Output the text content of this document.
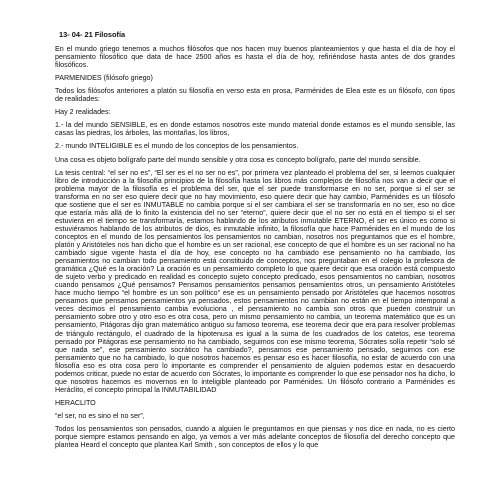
13- 04- 21 Filosofía

En el mundo griego tenemos a muchos filósofos que nos hacen muy buenos planteamientos y que hasta el día de hoy el pensamiento filosófico que data de hace 2500 años es hasta el día de hoy, refiriéndose hasta antes de dos grandes filosóficos.

PARMENIDES (filósofo griego)

Todos los filósofos anteriores a platón su filosofía en verso esta en prosa, Parménides de Elea este es un filósofo, con tipos de realidades:

Hay 2 realidades:

1.- la del mundo SENSIBLE, es en donde estamos nosotros este mundo material donde estamos es el mundo sensible, las casas las piedras, los árboles, las montañas, los libros,

2.- mundo INTELIGIBLE es el mundo de los conceptos de los pensamientos.

Una cosa es objeto bolígrafo parte del mundo sensible y otra cosa es concepto bolígrafo, parte del mundo sensible.

La tesis central: “el ser no es”, “El ser es el no ser no es”, por primera vez planteado el problema del ser, si leemos cualquier libro de introducción a la filosofía principios de la filosofía hasta los libros más complejos de filosofía nos van a decir que el problema mayor de la filosofía es el problema del ser, que el ser puede transformarse en no ser, porque si el ser se transforma en no ser eso quiere decir que no hay movimiento, eso quiere decir que hay cambio, Parménides es un filósofo que sostiene que el ser es INMUTABLE no cambia porque si el ser cambiara el ser se transformaría en no ser, eso no dice que estaría más allá de lo finito la existencia del no ser “eterno”, quiere decir que el no ser no está en el tiempo si el ser estuviera en el tiempo se transformaría, estamos hablando de los atributos inmutable ETERNO, el ser es único es como si estuviéramos hablando de los atributos de dios, es inmutable infinito, la filosofía que hace Parménides en el mundo de los conceptos en el mundo de los pensamientos los pensamientos no cambian, nosotros nos preguntamos que es el hombre, platón y Aristóteles nos han dicho que el hombre es un ser racional, ese concepto de que el hombre es un ser racional no ha cambiado sigue vigente hasta el día de hoy, ese concepto no ha cambiado ese pensamiento no ha cambiado, los pensamientos no cambian todo pensamiento está constituido de conceptos, nos preguntaban en el colegio la profesora de gramática ¿Qué es la oración? La oración es un pensamiento completo lo que quiere decir que esa oración está compuesto de sujeto verbo y predicado en realidad es concepto sujeto concepto predicado, esos pensamientos no cambian, nosotros cuando pensamos ¿Qué pensamos? Pensamos pensamientos pensamos pensamientos otros, un pensamiento Aristóteles hace mucho tiempo “el hombre es un son político” ese es un pensamiento pensado por Aristóteles que hacemos nosotros pensamos que pensamos pensamientos ya pensados, estos pensamientos no cambian no están en el tiempo intemporal a veces decimos el pensamiento cambia evoluciona , el pensamiento no cambia son otros que pueden construir un pensamiento sobre otro y otro eso es otra cosa, pero un mismo pensamiento no cambia, un teorema matemático que es un pensamiento, Pitágoras dijo gran matemático antiguo su famoso teorema, ese teorema decir que era para resolver problemas de triángulo rectángulo, el cuadrado de la hipotenusa es igual a la suma de los cuadrados de los catetos, ese teorema pensado por Pitágoras ese pensamiento no ha cambiado, seguimos con ese mismo teorema, Sócrates solía repetir “solo sé que nada se”, ese pensamiento socrático ha cambiado?, pensamos ese pensamiento pensado, seguimos con ese pensamiento que no ha cambiado, lo que nosotros hacemos es pensar eso es hacer filosofía, no estar de acuerdo con una filosofía eso es otra cosa pero lo importante es comprender el pensamiento de alguien podemos estar en desacuerdo podemos criticar, puede no estar de acuerdo con Sócrates, lo importante es comprender lo que ese pensador nos ha dicho, lo que nosotros hacemos es movernos en lo inteligible planteado por Parménides. Un filósofo contrario a Parménides es Heráclito, el concepto principal la INMUTABILIDAD

HERACLITO

“el ser, no es sino el no ser”,

Todos los pensamientos son pensados, cuando a alguien le preguntamos en que piensas y nos dice en nada, no es cierto porque siempre estamos pensando en algo, ya vemos a ver más adelante conceptos de filosofía del derecho concepto que plantea Heard el concepto que plantea Karl Smith , son conceptos de ellos y lo que
